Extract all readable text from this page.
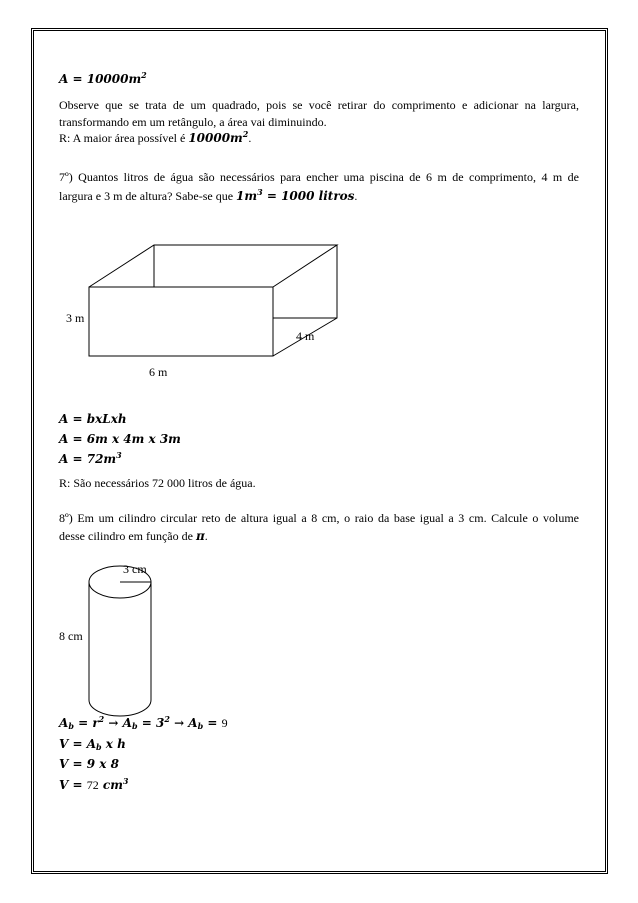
$A = 10000m^2$
Observe que se trata de um quadrado, pois se você retirar do comprimento e adicionar na largura,
transformando em um retângulo, a área vai diminuindo.
R: A maior área possível é $10000m^2$.
7º) Quantos litros de água são necessários para encher uma piscina de 6 m de comprimento, 4 m de
largura e 3 m de altura? Sabe-se que $1m^3 = 1000$ litros.
3 m
4 m
6 m
A = bxLxh
A = 6m x 4m x 3m
$A = 72m^3$
R: São necessários 72 000 litros de água.
8º) Em um cilindro circular reto de altura igual a 8 cm, o raio da base igual a 3 cm. Calcule o volume
desse cilindro em função de π.
3 cm
8 cm
$A_b = r^2 \to A_b = 3^2 \to A_b = 9$
$V = A_b$ x h
V = 9 x 8
V = 72 $cm^3$
